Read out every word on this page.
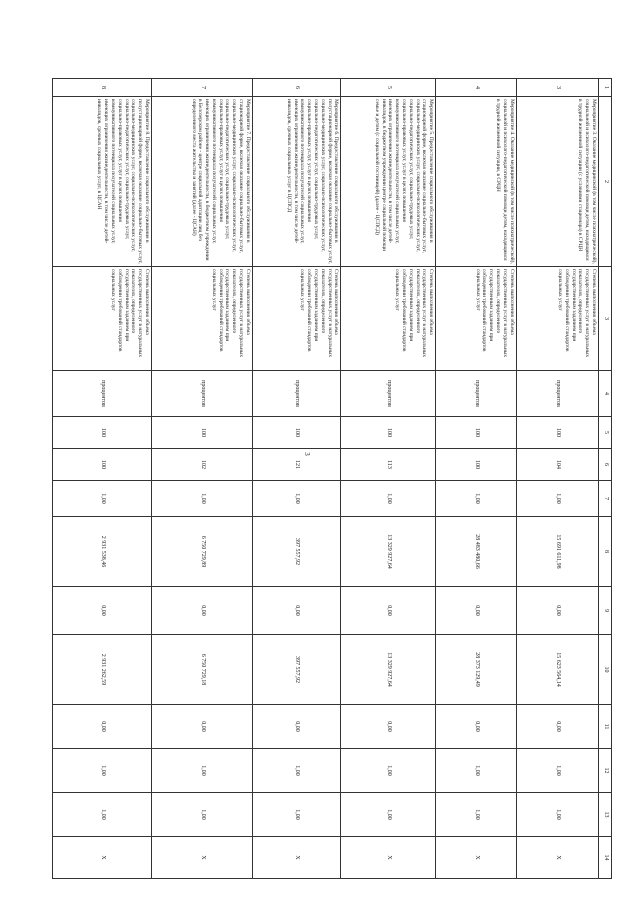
3
1	2	3	4	5	6	7	8	9	10	11	12	13	14
3	Мероприятие 3. Оказание медицинской (в том числе психиатрической), социальной и психолого-педагогической помощи детям, находящимся в трудной жизненной ситуации (с условиями стационара) в СРЦН	Степень выполнения объема государственных услуг в натуральных показателях, определенного государственным заданием при соблюдении требований стандартов социальных услуг	процентов	100	104	1,00	15 691 611,98	0,00	15 623 564,14	0,00	1,00	1,00	X
4	Мероприятие 4. Оказание медицинской (в том числе психиатрической), социальной и психолого-педагогической помощи детям, находящимся в трудной жизненной ситуации, в СРЦН	Степень выполнения объема государственных услуг в натуральных показателях, определенного государственным заданием при соблюдении требований стандартов социальных услуг	процентов	100	100	1,00	28 483 480,66	0,00	28 373 129,49	0,00	1,00	1,00	X
5	Мероприятие 5. Предоставление социального обслуживания в стационарной форме, включая оказание социально-бытовых услуг, социально-медицинских услуг, социально-психологических услуг, социально-педагогических услуг, социально-трудовых услуг, социально-правовых услуг, услуг в целях повышения коммуникативного потенциала получателей социальных услуг, имеющих ограничения жизнедеятельности, в том числе детей-инвалидов, в бюджетном учреждении центре социальной помощи семье и детям (с социальной гостиницей) (далее - ЦСПСД)	Степень выполнения объема государственных услуг в натуральных показателях, определенного государственным заданием при соблюдении требований стандартов социальных услуг	процентов	100	113	1,00	13 329 927,64	0,00	13 329 927,64	0,00	1,00	1,00	X
6	Мероприятие 6. Предоставление социального обслуживания в полустационарной форме, включая оказание социально-бытовых услуг, социально-медицинских услуг, социально-психологических услуг, социально-педагогических услуг, социально-трудовых услуг, социально-правовых услуг, услуг в целях повышения коммуникативного потенциала получателей социальных услуг, имеющих ограничения жизнедеятельности, в том числе детей-инвалидов, срочных социальных услуг в ЦСПСД	Степень выполнения объема государственных услуг в натуральных показателях, определенного государственным заданием при соблюдении требований стандартов социальных услуг	процентов	100	121	1,00	397 557,92	0,00	397 557,92	0,00	1,00	1,00	X
7	Мероприятие 7. Предоставление социального обслуживания в стационарной форме, включая оказание социально-бытовых услуг, социально-медицинских услуг, социально-психологических услуг, социально-педагогических услуг, социально-трудовых услуг, социально-правовых услуг, услуг в целях повышения коммуникативного потенциала получателей социальных услуг, имеющих ограничения жизнедеятельности, в бюджетном учреждении в Белозерском районе - центре социальной адаптации лиц без определенного места жительства и занятий (далее - ЦСАН)	Степень выполнения объема государственных услуг в натуральных показателях, определенного государственным заданием при соблюдении требований стандартов социальных услуг	процентов	100	102	1,00	6 750 729,89	0,00	6 750 729,18	0,00	1,00	1,00	X
8	Мероприятие 8. Предоставление социального обслуживания в полустационарной форме, включая оказание социально-бытовых услуг, социально-медицинских услуг, социально-психологических услуг, социально-педагогических услуг, социально-трудовых услуг, социально-правовых услуг, услуг в целях повышения коммуникативного потенциала получателей социальных услуг, имеющих ограничения жизнедеятельности, в том числе детей-инвалидов, срочных социальных услуг, в ЦСАН	Степень выполнения объема государственных услуг в натуральных показателях, определенного государственным заданием при соблюдении требований стандартов социальных услуг	процентов	100	100	1,00	2 931 538,46	0,00	2 931 262,59	0,00	1,00	1,00	X
